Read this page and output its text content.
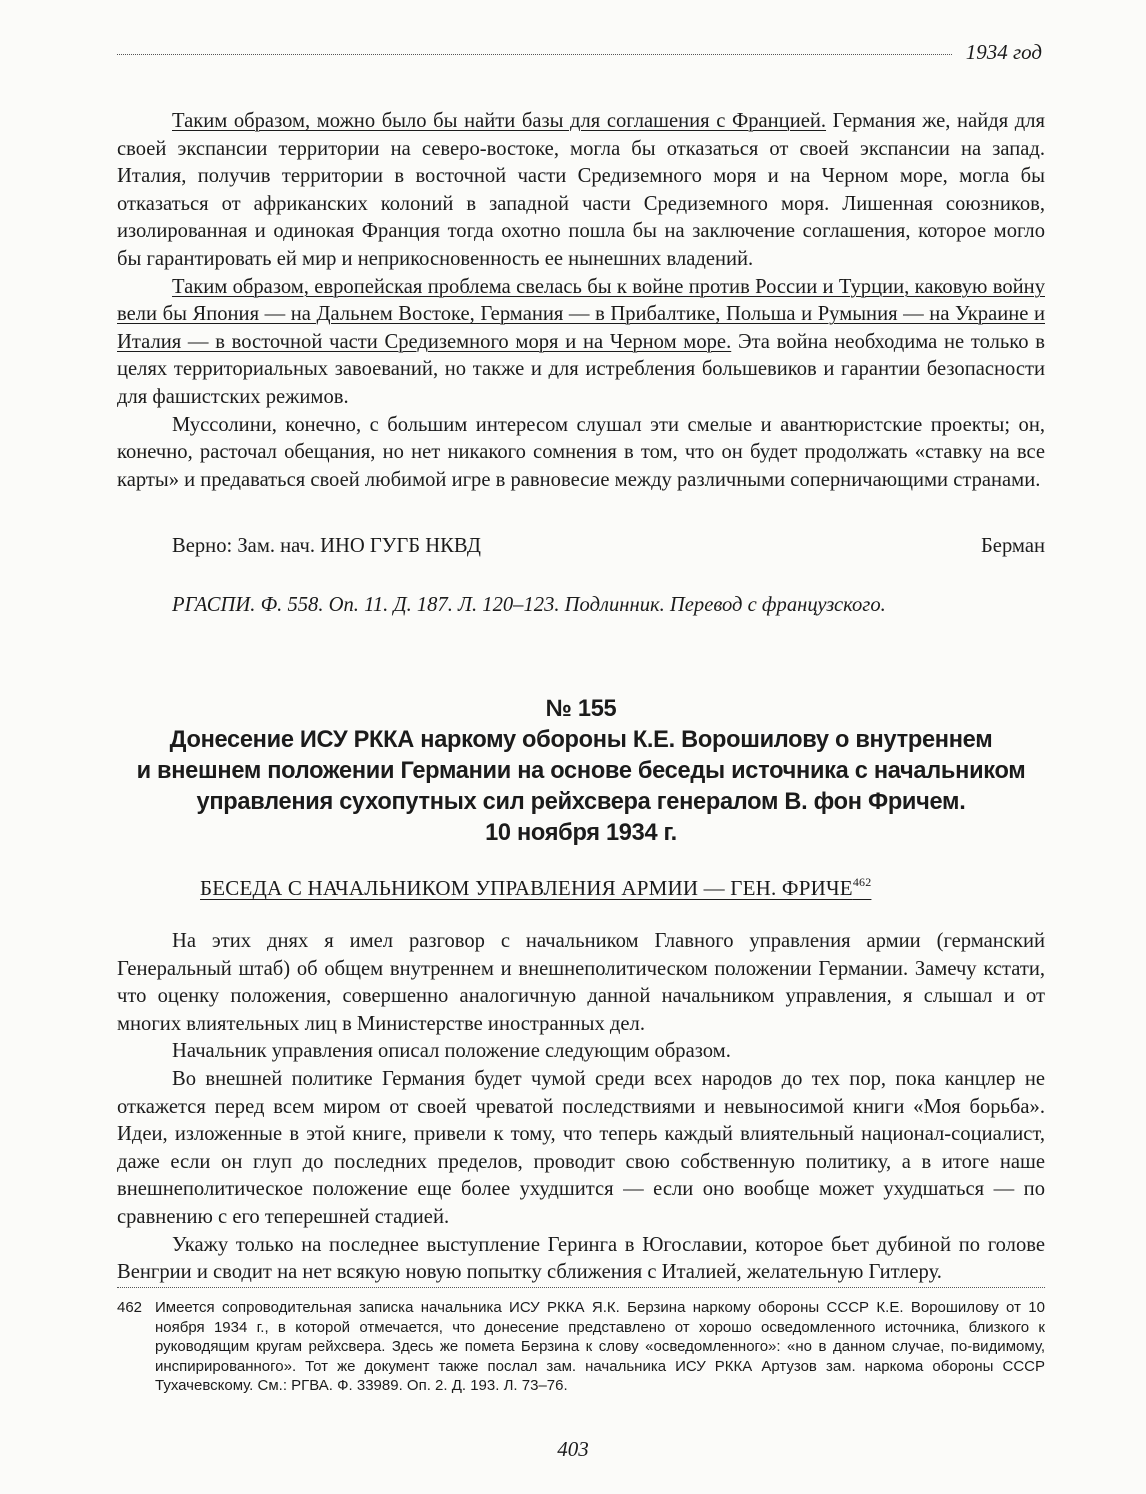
1934 год

Таким образом, можно было бы найти базы для соглашения с Францией. Германия же, найдя для своей экспансии территории на северо-востоке, могла бы отказаться от своей экспансии на запад. Италия, получив территории в восточной части Средиземного моря и на Черном море, могла бы отказаться от африканских колоний в западной части Средиземного моря. Лишенная союзников, изолированная и одинокая Франция тогда охотно пошла бы на заключение соглашения, которое могло бы гарантировать ей мир и неприкосновенность ее нынешних владений.

Таким образом, европейская проблема свелась бы к войне против России и Турции, каковую войну вели бы Япония — на Дальнем Востоке, Германия — в Прибалтике, Польша и Румыния — на Украине и Италия — в восточной части Средиземного моря и на Черном море. Эта война необходима не только в целях территориальных завоеваний, но также и для истребления большевиков и гарантии безопасности для фашистских режимов.

Муссолини, конечно, с большим интересом слушал эти смелые и авантюристские проекты; он, конечно, расточал обещания, но нет никакого сомнения в том, что он будет продолжать «ставку на все карты» и предаваться своей любимой игре в равновесие между различными соперничающими странами.

Верно: Зам. нач. ИНО ГУГБ НКВД	Берман
РГАСПИ. Ф. 558. Оп. 11. Д. 187. Л. 120–123. Подлинник. Перевод с французского.
№ 155
Донесение ИСУ РККА наркому обороны К.Е. Ворошилову о внутреннем
и внешнем положении Германии на основе беседы источника с начальником
управления сухопутных сил рейхсвера генералом В. фон Фричем.
10 ноября 1934 г.
БЕСЕДА С НАЧАЛЬНИКОМ УПРАВЛЕНИЯ АРМИИ — ГЕН. ФРИЧЕ$^{462}$

На этих днях я имел разговор с начальником Главного управления армии (германский Генеральный штаб) об общем внутреннем и внешнеполитическом положении Германии. Замечу кстати, что оценку положения, совершенно аналогичную данной начальником управления, я слышал и от многих влиятельных лиц в Министерстве иностранных дел.

Начальник управления описал положение следующим образом.

Во внешней политике Германия будет чумой среди всех народов до тех пор, пока канцлер не откажется перед всем миром от своей чреватой последствиями и невыносимой книги «Моя борьба». Идеи, изложенные в этой книге, привели к тому, что теперь каждый влиятельный национал-социалист, даже если он глуп до последних пределов, проводит свою собственную политику, а в итоге наше внешнеполитическое положение еще более ухудшится — если оно вообще может ухудшаться — по сравнению с его теперешней стадией.

Укажу только на последнее выступление Геринга в Югославии, которое бьет дубиной по голове Венгрии и сводит на нет всякую новую попытку сближения с Италией, желательную Гитлеру.

462 Имеется сопроводительная записка начальника ИСУ РККА Я.К. Берзина наркому обороны СССР К.Е. Ворошилову от 10 ноября 1934 г., в которой отмечается, что донесение представлено от хорошо осведомленного источника, близкого к руководящим кругам рейхсвера. Здесь же помета Берзина к слову «осведомленного»: «но в данном случае, по-видимому, инспирированного». Тот же документ также послал зам. начальника ИСУ РККА Артузов зам. наркома обороны СССР Тухачевскому. См.: РГВА. Ф. 33989. Оп. 2. Д. 193. Л. 73–76.
403
